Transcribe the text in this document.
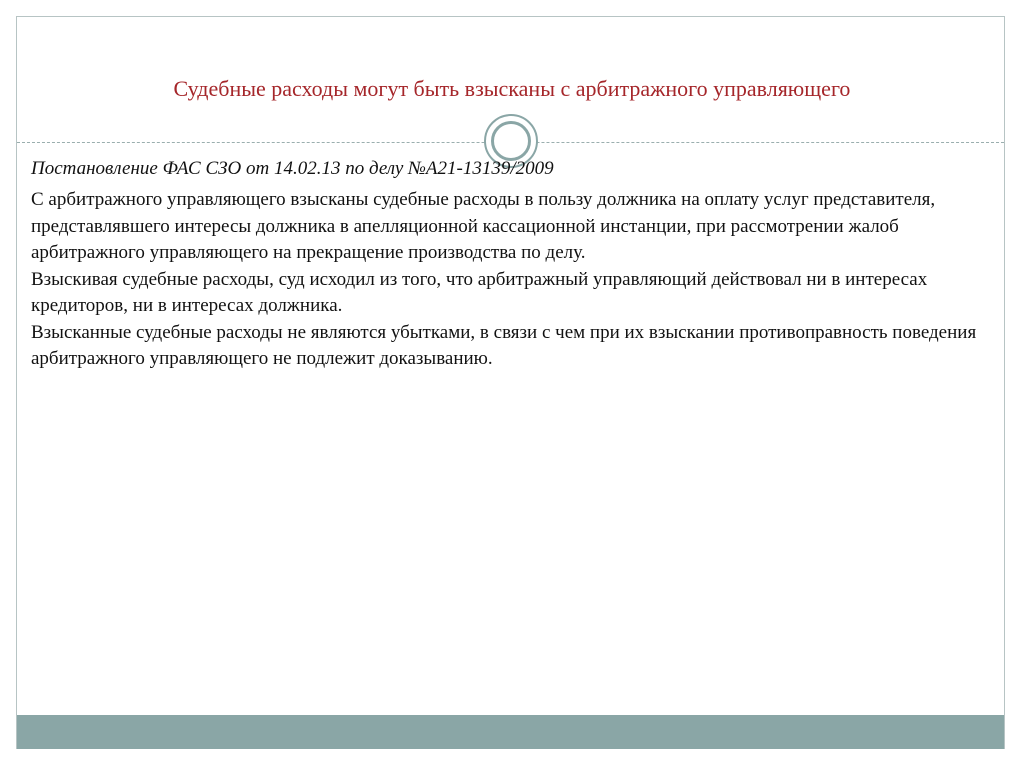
Судебные расходы могут быть взысканы с арбитражного управляющего

Постановление ФАС СЗО от 14.02.13 по делу №А21-13139/2009

С арбитражного управляющего взысканы судебные расходы в пользу должника на оплату услуг представителя, представлявшего интересы должника в апелляционной кассационной инстанции, при рассмотрении жалоб арбитражного управляющего на прекращение производства по делу.

Взыскивая судебные расходы, суд исходил из того, что арбитражный управляющий действовал ни в интересах кредиторов, ни в интересах должника.

Взысканные судебные расходы не являются убытками, в связи с чем при их взыскании противоправность поведения арбитражного управляющего не подлежит доказыванию.
